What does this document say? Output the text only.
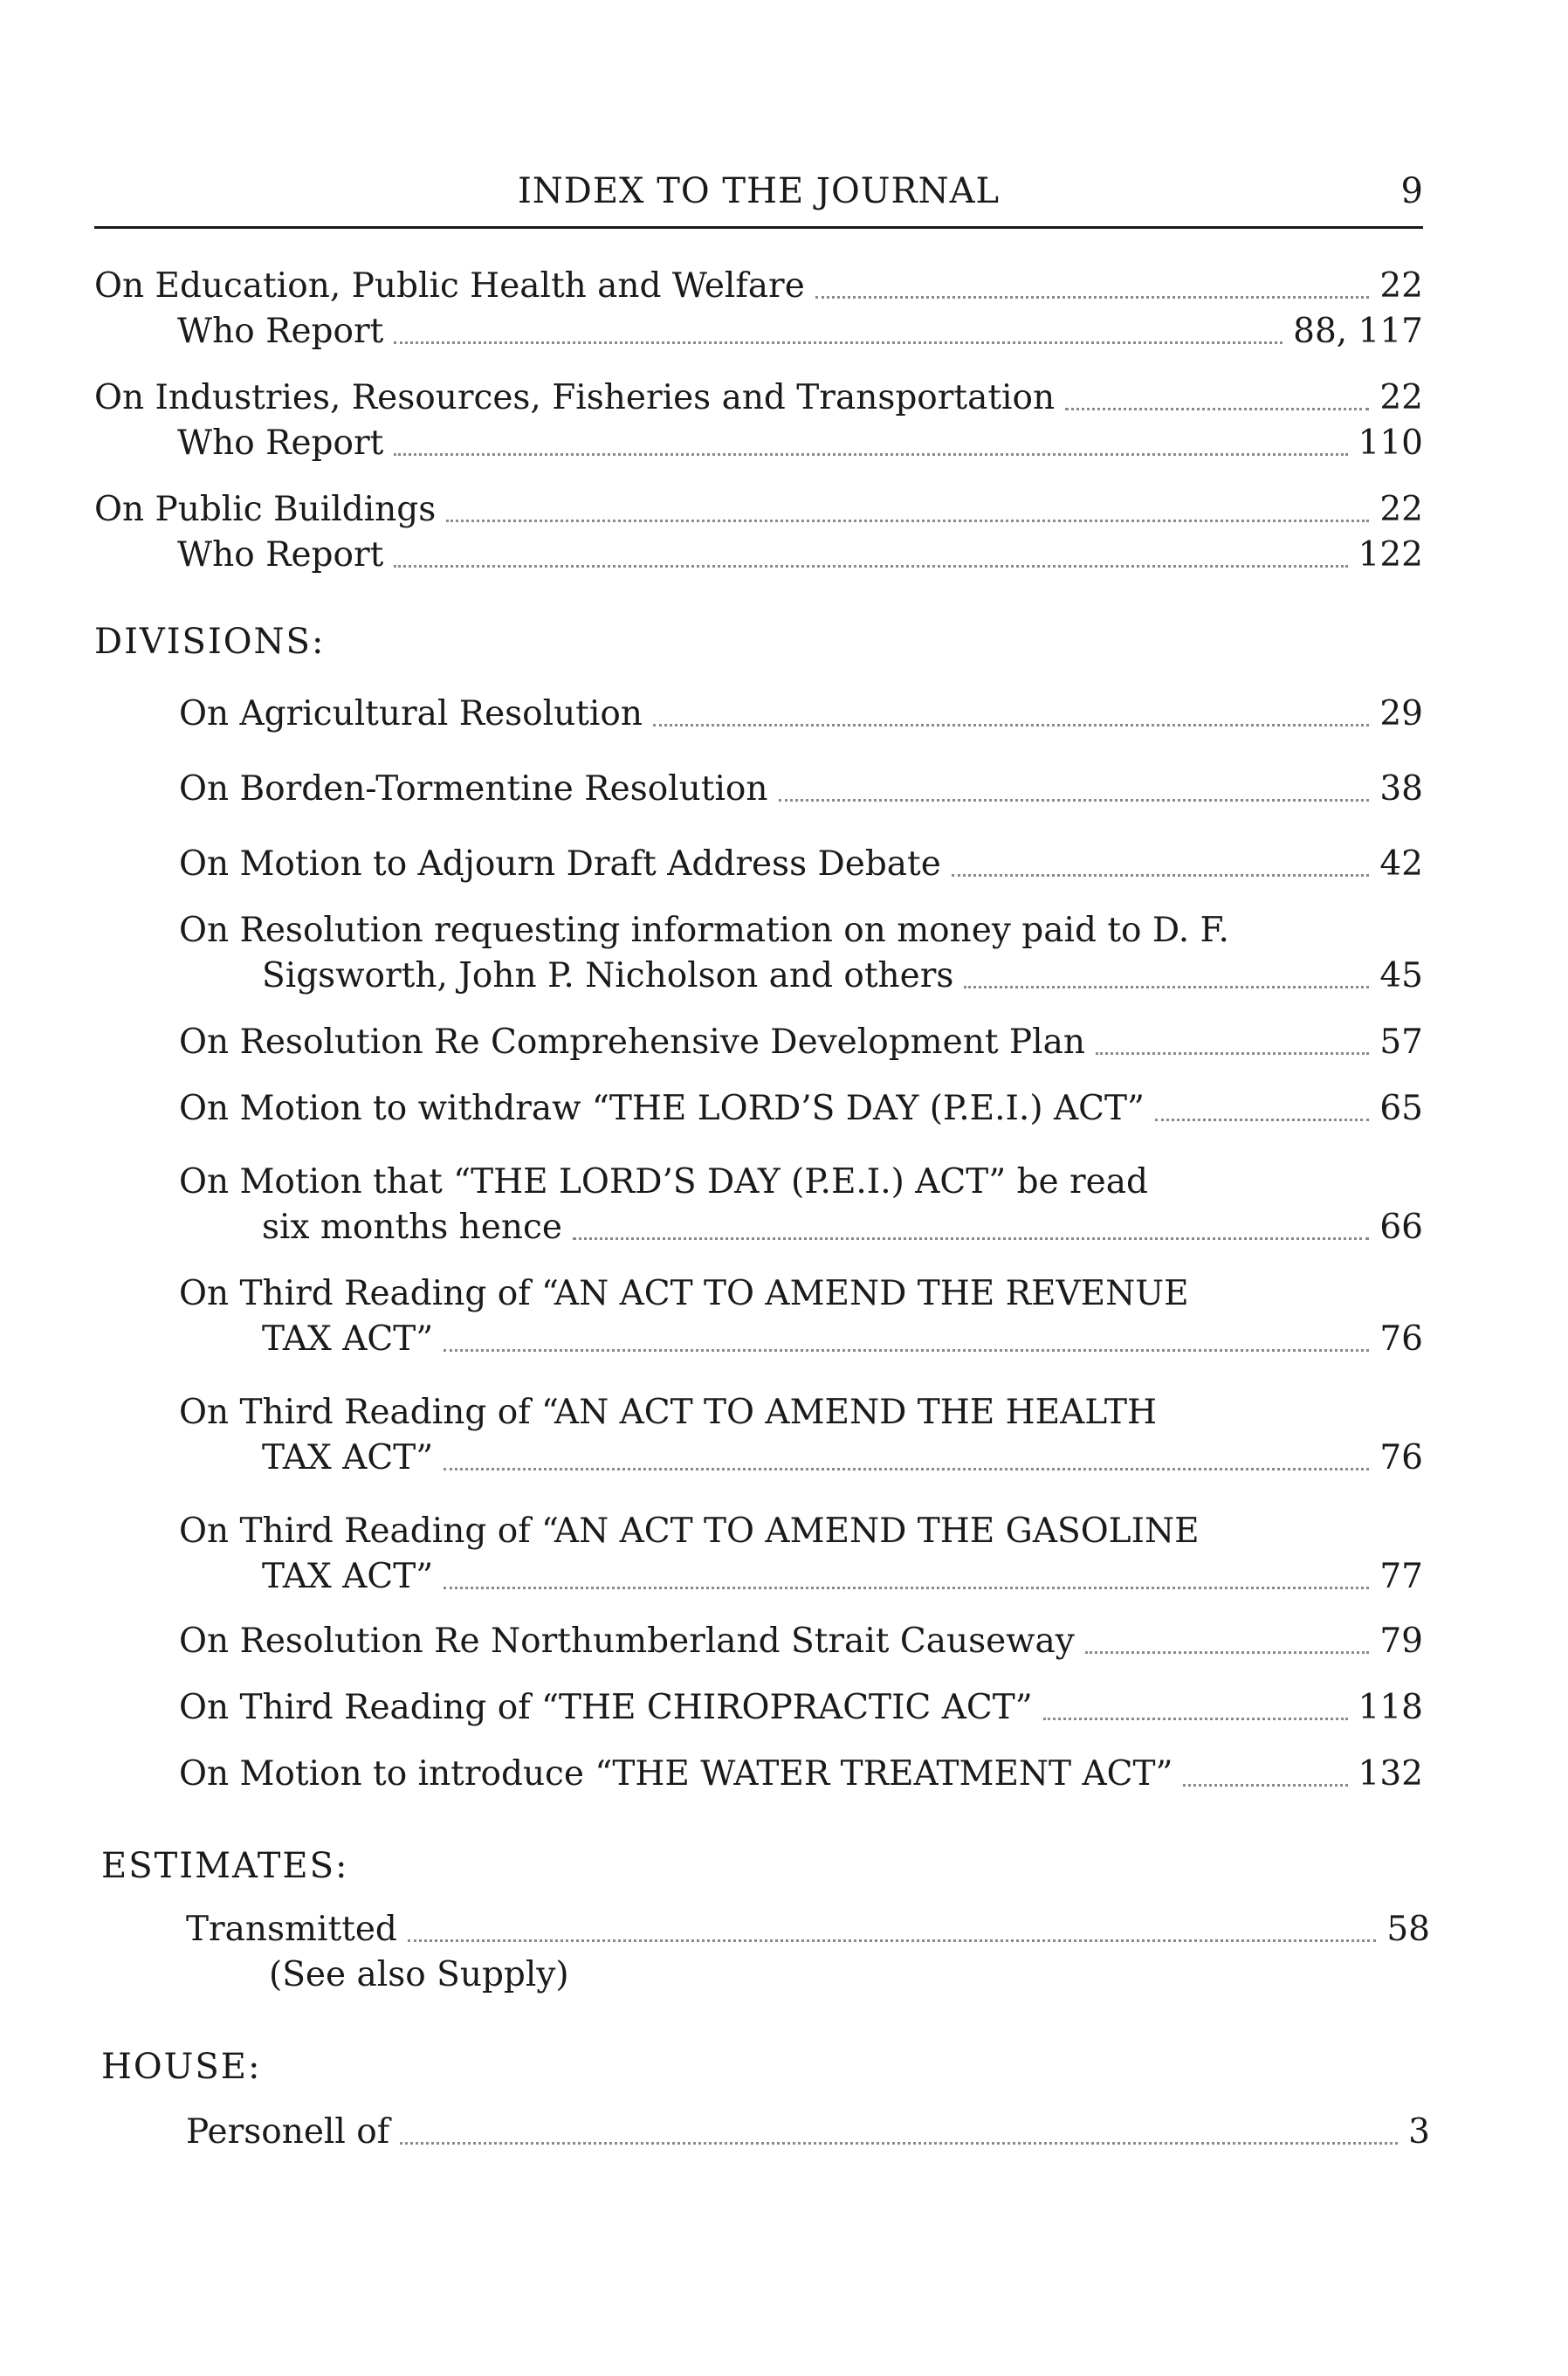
INDEX TO THE JOURNAL	9
On Education, Public Health and Welfare	22
Who Report	88, 117
On Industries, Resources, Fisheries and Transportation	22
Who Report	110
On Public Buildings	22
Who Report	122
DIVISIONS:
On Agricultural Resolution	29
On Borden-Tormentine Resolution	38
On Motion to Adjourn Draft Address Debate	42
On Resolution requesting information on money paid to D. F.
Sigsworth, John P. Nicholson and others	45
On Resolution Re Comprehensive Development Plan	57
On Motion to withdraw “THE LORD’S DAY (P.E.I.) ACT”	65
On Motion that “THE LORD’S DAY (P.E.I.) ACT” be read
six months hence	66
On Third Reading of “AN ACT TO AMEND THE REVENUE
TAX ACT”	76
On Third Reading of “AN ACT TO AMEND THE HEALTH
TAX ACT”	76
On Third Reading of “AN ACT TO AMEND THE GASOLINE
TAX ACT”	77
On Resolution Re Northumberland Strait Causeway	79
On Third Reading of “THE CHIROPRACTIC ACT”	118
On Motion to introduce “THE WATER TREATMENT ACT”	132
ESTIMATES:
Transmitted	58
(See also Supply)
HOUSE:
Personell of	3
